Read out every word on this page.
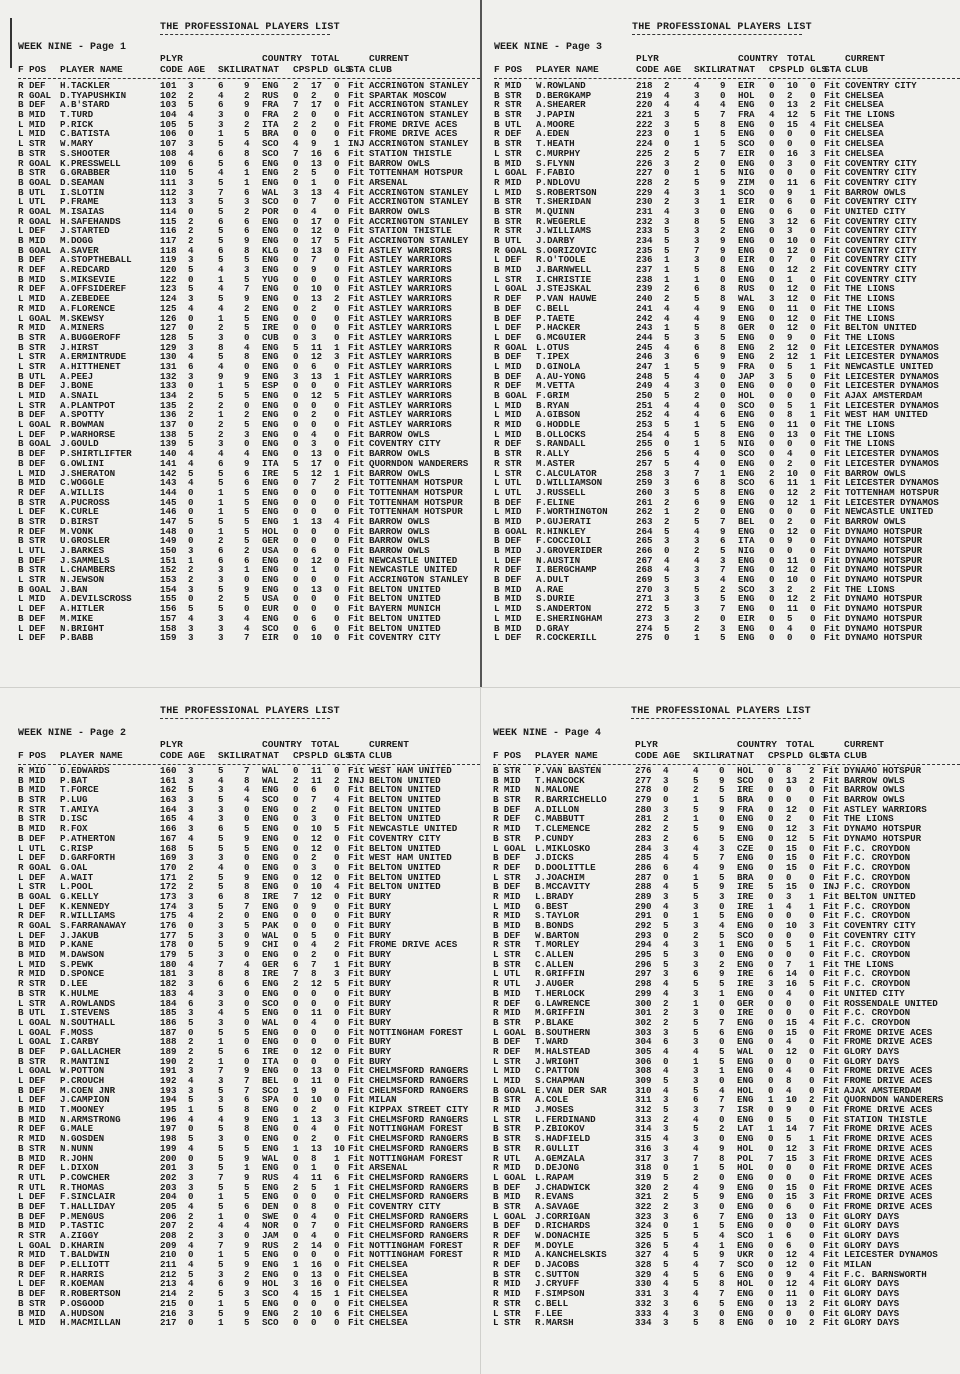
THE PROFESSIONAL PLAYERS LIST
WEEK NINE - Page 1
PLYR	COUNTRY TOTAL	CURRENT
F POS PLAYER NAME	CODE AGE SKILL
RAT NAT CPS PLD GLS
STA CLUB
R DEF H.TACKLER	101 3	6 9 ENG 2 17 0 Fit ACCRINGTON STANLEY
R GOAL D.TYAPUSHKIN	102 2	4 2 RUS 0 2 0 Fit SPARTAK MOSCOW
B DEF A.B'STARD	103 5	6 9 FRA 7 17 0 Fit ACCRINGTON STANLEY
B MID T.TURD	104 4	3 0 FRA 2 0 0 Fit ACCRINGTON STANLEY
L MID P.RICK	105 5	3 2 ITA 2 2 0 Fit FROME DRIVE ACES
L MID C.BATISTA	106 0	1 5 BRA 0 0 0 Fit FROME DRIVE ACES
L STR W.MARY	107 3	5 4 SCO 4 9 1 INJ ACCRINGTON STANLEY
B STR S.SHOOTER	108 4	6 8 SCO 7 16 6 Fit STATION THISTLE
R GOAL K.PRESSWELL	109 6	5 6 ENG 0 13 0 Fit BARROW OWLS
B STR G.GRABBER	110 5	4 1 ENG 2 5 0 Fit TOTTENHAM HOTSPUR
B GOAL D.SEAMAN	111 3	5 1 ENG 0 1 0 Fit ARSENAL
B UTL I.SLOTIN	112 3	7 6 WAL 3 13 4 Fit ACCRINGTON STANLEY
L UTL P.FRAME	113 3	5 3 SCO 0 7 0 Fit ACCRINGTON STANLEY
R GOAL M.ISAIAS	114 0	5 2 POR 0 4 0 Fit BARROW OWLS
R GOAL H.SAFEHANDS	115 2	6 6 ENG 0 17 0 Fit ACCRINGTON STANLEY
L DEF J.STARTED	116 2	5 6 ENG 0 12 0 Fit STATION THISTLE
B MID M.DOGG	117 2	5 9 ENG 0 17 5 Fit ACCRINGTON STANLEY
B GOAL A.SAVER	118 4	6 8 KLG 0 13 0 Fit ASTLEY WARRIORS
B DEF A.STOPTHEBALL	119 3	5 5 ENG 0 7 0 Fit ASTLEY WARRIORS
R DEF A.REDCARD	120 5	4 3 ENG 0 9 0 Fit ASTLEY WARRIORS
B MID S.MIKSEVIE	122 0	1 5 YUG 0 0 0 Fit ASTLEY WARRIORS
R DEF A.OFFSIDEREF	123 5	4 7 ENG 0 10 0 Fit ASTLEY WARRIORS
L MID A.ZEBEDEE	124 3	5 9 ENG 0 13 2 Fit ASTLEY WARRIORS
R MID A.FLORENCE	125 4	4 2 ENG 0 2 0 Fit ASTLEY WARRIORS
L GOAL M.SKEWSY	126 0	1 5 ENG 0 0 0 Fit ASTLEY WARRIORS
R MID A.MINERS	127 0	2 5 IRE 0 0 0 Fit ASTLEY WARRIORS
B STR A.BUGGEROFF	128 5	3 0 CUB 0 3 0 Fit ASTLEY WARRIORS
B STR J.HIRST	129 3	8 4 ENG 5 11 1 Fit ASTLEY WARRIORS
L STR A.ERMINTRUDE	130 4	5 8 ENG 0 12 3 Fit ASTLEY WARRIORS
L STR A.HITTHENET	131 6	4 0 ENG 0 6 0 Fit ASTLEY WARRIORS
B UTL A.PEEJ	132 3	9 9 ENG 3 13 1 Fit ASTLEY WARRIORS
B DEF J.BONE	133 0	1 5 ESP 0 0 0 Fit ASTLEY WARRIORS
L MID A.SNAIL	134 2	5 5 ENG 0 12 5 Fit ASTLEY WARRIORS
L STR A.PLANTPOT	135 2	2 0 ENG 0 0 0 Fit ASTLEY WARRIORS
B DEF A.SPOTTY	136 2	1 2 ENG 0 2 0 Fit ASTLEY WARRIORS
L GOAL R.BOWMAN	137 0	2 5 ENG 0 0 0 Fit ASTLEY WARRIORS
L DEF P.WARHORSE	138 5	2 3 ENG 0 4 0 Fit BARROW OWLS
B GOAL J.GOULD	139 5	3 0 ENG 0 3 0 Fit COVENTRY CITY
B DEF P.SHIRTLIFTER	140 4	4 4 ENG 0 13 0 Fit BARROW OWLS
B DEF G.OWLINI	141 4	6 9 ITA 5 17 0 Fit QUORNDON WANDERERS
L MID J.SHERATON	142 5	5 6 IRE 5 12 1 Fit BARROW OWLS
B MID C.WOGGLE	143 4	5 6 ENG 0 7 2 Fit TOTTENHAM HOTSPUR
R DEF A.WILLIS	144 0	1 5 ENG 0 0 0 Fit TOTTENHAM HOTSPUR
B STR A.PUCROSS	145 0	1 5 ENG 0 0 0 Fit TOTTENHAM HOTSPUR
L DEF K.CURLE	146 0	1 5 ENG 0 0 0 Fit TOTTENHAM HOTSPUR
B STR D.BIRST	147 5	5 5 ENG 1 13 4 Fit BARROW OWLS
R DEF M.VONK	148 0	1 5 HOL 0 0 0 Fit BARROW OWLS
B STR U.GROSLER	149 0	2 5 GER 0 0 0 Fit BARROW OWLS
L UTL J.BARKES	150 3	6 2 USA 0 6 0 Fit BARROW OWLS
B DEF J.SAMMELS	151 1	6 6 ENG 0 12 0 Fit NEWCASTLE UNITED
B STR L.CHAMBERS	152 2	3 1 ENG 0 1 0 Fit NEWCASTLE UNITED
L STR N.JEWSON	153 2	3 0 ENG 0 0 0 Fit ACCRINGTON STANLEY
B GOAL J.BAN	154 3	5 9 ENG 0 13 0 Fit BELTON UNITED
L MID A.DEVILSCROSS	155 0	2 5 USA 0 0 0 Fit BELTON UNITED
L DEF A.HITLER	156 5	5 0 EUR 0 0 0 Fit BAYERN MUNICH
B DEF M.MIKE	157 4	3 4 ENG 0 6 0 Fit BELTON UNITED
L DEF N.BRIGHT	158 3	3 4 SCO 0 6 0 Fit BELTON UNITED
L DEF P.BABB	159 3	3 7 EIR 0 10 0 Fit COVENTRY CITY
THE PROFESSIONAL PLAYERS LIST
WEEK NINE - Page 3
PLYR	COUNTRY TOTAL	CURRENT
F POS PLAYER NAME	CODE AGE SKILL
RAT NAT CPS PLD GLS
STA CLUB
R MID W.ROWLAND	218 2	4 9 EIR 0 10 0 Fit COVENTRY CITY
B STR D.BERGKAMP	219 4	3 0 HOL 0 2 0 Fit CHELSEA
R STR A.SHEARER	220 4	4 4 ENG 0 13 2 Fit CHELSEA
B STR J.PAPIN	221 3	5 7 FRA 4 12 5 Fit THE LIONS
B UTL A.MOORE	222 3	5 8 ENG 0 15 4 Fit CHELSEA
R DEF A.EDEN	223 0	1 5 ENG 0 0 0 Fit CHELSEA
B STR T.HEATH	224 0	1 5 SCO 0 0 0 Fit CHELSEA
L STR C.MURPHY	225 2	5 7 EIR 0 16 3 Fit CHELSEA
B MID S.FLYNN	226 3	2 0 ENG 0 3 0 Fit COVENTRY CITY
L GOAL F.FABIO	227 0	1 5 NIG 0 0 0 Fit COVENTRY CITY
R MID P.NDLOVU	228 2	5 9 ZIM 0 11 6 Fit COVENTRY CITY
L MID S.ROBERTSON	229 4	3 1 SCO 0 9 1 Fit BARROW OWLS
B STR T.SHERIDAN	230 2	3 1 EIR 0 6 0 Fit COVENTRY CITY
B STR M.QUINN	231 4	3 0 ENG 0 6 0 Fit UNITED CITY
B STR R.WEGERLE	232 3	8 5 ENG 3 12 6 Fit COVENTRY CITY
R STR J.WILLIAMS	233 5	3 2 ENG 0 3 0 Fit COVENTRY CITY
B UTL J.DARBY	234 5	3 9 ENG 0 10 0 Fit COVENTRY CITY
R GOAL S.OGRIZOVIC	235 5	7 9 ENG 0 12 0 Fit COVENTRY CITY
L DEF R.O'TOOLE	236 1	3 0 EIR 0 7 0 Fit COVENTRY CITY
B MID J.BARNWELL	237 1	5 8 ENG 0 12 2 Fit COVENTRY CITY
L STR I.CHRISTIE	238 1	1 0 ENG 0 1 0 Fit COVENTRY CITY
L GOAL J.STEJSKAL	239 2	6 8 RUS 0 12 0 Fit THE LIONS
R DEF P.VAN HAUWE	240 2	5 8 WAL 3 12 0 Fit THE LIONS
B DEF C.BELL	241 4	4 9 ENG 0 11 0 Fit THE LIONS
B DEF P.TAETE	242 4	4 9 ENG 0 12 0 Fit THE LIONS
L DEF P.HACKER	243 1	5 8 GER 0 12 0 Fit BELTON UNITED
L DEF G.MCGUIER	244 5	3 5 ENG 0 9 0 Fit THE LIONS
R GOAL L.OTUS	245 4	6 8 ENG 2 12 0 Fit LEICESTER DYNAMOS
B DEF T.IPEX	246 3	6 9 ENG 2 12 1 Fit LEICESTER DYNAMOS
L MID D.GINOLA	247 1	5 9 FRA 0 5 1 Fit NEWCASTLE UNITED
B DEF A.AU-YONG	248 5	4 0 JAP 3 5 0 Fit LEICESTER DYNAMOS
R DEF M.VETTA	249 4	3 0 ENG 0 0 0 Fit LEICESTER DYNAMOS
B GOAL F.GRIM	250 5	2 0 HOL 0 0 0 Fit AJAX AMSTERDAM
L MID B.RYAN	251 4	4 0 SCO 0 5 1 Fit LEICESTER DYNAMOS
L MID A.GIBSON	252 4	4 6 ENG 0 8 1 Fit WEST HAM UNITED
R MID G.HODDLE	253 5	1 5 ENG 0 11 0 Fit THE LIONS
L MID B.OLLOCKS	254 4	5 8 ENG 0 13 0 Fit THE LIONS
R DEF S.RANDALL	255 0	1 5 NIG 0 0 0 Fit THE LIONS
B STR R.ALLY	256 5	4 0 SCO 0 4 0 Fit LEICESTER DYNAMOS
R STR M.ASTER	257 5	4 0 ENG 0 2 0 Fit LEICESTER DYNAMOS
L STR C.ALCULATOR	258 3	7 1 ENG 2 10 0 Fit BARROW OWLS
L UTL D.WILLIAMSON	259 3	6 8 SCO 6 11 1 Fit LEICESTER DYNAMOS
L UTL J.RUSSELL	260 3	5 8 ENG 0 12 2 Fit TOTTENHAM HOTSPUR
B DEF F.ELINE	261 2	6 9 ENG 0 12 1 Fit LEICESTER DYNAMOS
L MID F.WORTHINGTON	262 1	2 0 ENG 0 0 0 Fit NEWCASTLE UNITED
B MID P.GUJERATI	263 2	5 7 BEL 0 2 0 Fit BARROW OWLS
B GOAL R.HINKLEY	264 5	4 9 ENG 0 12 0 Fit DYNAMO HOTSPUR
B DEF F.COCCIOLI	265 3	3 6 ITA 0 9 0 Fit DYNAMO HOTSPUR
B MID J.GROVERIDER	266 0	2 5 NIG 0 0 0 Fit DYNAMO HOTSPUR
L DEF N.AUSTIN	267 4	4 3 ENG 0 11 0 Fit DYNAMO HOTSPUR
R DEF I.BERGCHAMP	268 4	3 7 ENG 0 12 0 Fit DYNAMO HOTSPUR
B DEF A.DULT	269 5	3 4 ENG 0 10 0 Fit DYNAMO HOTSPUR
B MID A.RAE	270 3	5 2 SCO 3 2 2 Fit THE LIONS
B MID S.DURIE	271 3	3 5 ENG 0 12 2 Fit DYNAMO HOTSPUR
L MID S.ANDERTON	272 5	3 7 ENG 0 11 0 Fit DYNAMO HOTSPUR
L MID E.SHERINGHAM	273 3	2 0 EIR 0 5 0 Fit DYNAMO HOTSPUR
B MID D.GRAY	274 5	2 3 ENG 0 4 0 Fit DYNAMO HOTSPUR
L DEF R.COCKERILL	275 0	1 5 ENG 0 0 0 Fit DYNAMO HOTSPUR
THE PROFESSIONAL PLAYERS LIST
WEEK NINE - Page 2
PLYR	COUNTRY TOTAL	CURRENT
F POS PLAYER NAME	CODE AGE SKILL
RAT NAT CPS PLD GLS
STA CLUB
R MID D.EDWARDS	160 3	5 7 WAL 0 11 0 Fit WEST HAM UNITED
B MID P.BAT	161 3	4 8 WAL 2 11 2 INJ BELTON UNITED
B MID T.FORCE	162 5	3 4 ENG 0 6 0 Fit BELTON UNITED
B STR P.LUG	163 3	5 4 SCO 0 7 4 Fit BELTON UNITED
R STR T.AMIYA	164 3	3 0 ENG 0 2 0 Fit BELTON UNITED
B STR D.ISC	165 4	3 0 ENG 0 3 0 Fit BELTON UNITED
B MID R.FOX	166 3	6 5 ENG 0 10 5 Fit NEWCASTLE UNITED
B DEF P.ATHERTON	167 4	5 9 ENG 0 12 0 Fit COVENTRY CITY
L UTL C.RISP	168 5	5 5 ENG 0 12 0 Fit BELTON UNITED
L DEF D.GARFORTH	169 3	3 0 ENG 0 2 0 Fit WEST HAM UNITED
R GOAL G.OAL	170 2	4 0 ENG 0 3 0 Fit BELTON UNITED
L DEF A.WAIT	171 2	5 9 ENG 0 12 0 Fit BELTON UNITED
L STR L.POOL	172 2	5 8 ENG 0 10 4 Fit BELTON UNITED
B GOAL G.KELLY	173 3	6 8 IRE 7 12 0 Fit BURY
L DEF K.KENNEDY	174 3	5 7 ENG 0 9 0 Fit BURY
R DEF R.WILLIAMS	175 4	2 0 ENG 0 0 0 Fit BURY
R GOAL S.FARRANAWAY	176 0	3 5 PAK 0 0 0 Fit BURY
L DEF J.JAKUB	177 5	3 0 WAL 0 5 0 Fit BURY
B MID P.KANE	178 0	5 9 CHI 0 4 2 Fit FROME DRIVE ACES
B MID M.DAWSON	179 5	3 0 ENG 0 2 0 Fit BURY
L MID S.PEWK	180 4	7 4 GER 6 7 1 Fit BURY
R MID D.SPONCE	181 3	8 8 IRE 7 8 3 Fit BURY
R STR D.LEE	182 3	6 6 ENG 2 12 5 Fit BURY
B STR K.HULME	183 4	3 0 ENG 0 0 0 Fit BURY
L STR A.ROWLANDS	184 6	3 0 SCO 0 0 0 Fit BURY
B UTL I.STEVENS	185 3	4 5 ENG 0 11 0 Fit BURY
L GOAL N.SOUTHALL	186 5	3 0 WAL 0 4 0 Fit BURY
L GOAL F.MOSS	187 0	5 5 ENG 0 0 0 Fit NOTTINGHAM FOREST
L GOAL I.CARBY	188 2	1 0 ENG 0 0 0 Fit BURY
B DEF P.GALLACHER	189 2	5 6 IRE 0 12 0 Fit BURY
B STR R.MANTINI	190 2	1 0 ITA 0 0 0 Fit BURY
L GOAL W.POTTON	191 3	7 9 ENG 0 13 0 Fit CHELMSFORD RANGERS
L DEF P.CROUCH	192 4	3 7 BEL 0 11 0 Fit CHELMSFORD RANGERS
B DEF M.COEN JNR	193 3	5 7 SCO 1 9 0 Fit CHELMSFORD RANGERS
L DEF J.CAMPION	194 5	3 6 SPA 0 10 0 Fit MILAN
B MID T.MOONEY	195 1	5 8 ENG 0 2 0 Fit KIPPAX STREET CITY
B MID N.ARMSTRONG	196 4	4 9 ENG 1 13 3 Fit CHELMSFORD RANGERS
R DEF G.MALE	197 0	5 8 ENG 0 4 0 Fit NOTTINGHAM FOREST
R MID N.GOSDEN	198 5	3 0 ENG 0 2 0 Fit CHELMSFORD RANGERS
B STR N.NUNN	199 4	5 5 ENG 1 13 10 Fit CHELMSFORD RANGERS
B MID R.JOHN	200 0	5 9 WAL 0 8 1 Fit NOTTINGHAM FOREST
R DEF L.DIXON	201 3	5 1 ENG 0 1 0 Fit ARSENAL
R UTL P.COWCHER	202 3	7 9 RUS 4 11 6 Fit CHELMSFORD RANGERS
R UTL R.THOMAS	203 3	5 5 ENG 2 5 1 Fit CHELMSFORD RANGERS
L DEF F.SINCLAIR	204 0	1 5 ENG 0 0 0 Fit CHELMSFORD RANGERS
B DEF T.HALLIDAY	205 4	5 6 DEN 0 8 0 Fit COVENTRY CITY
B DEF P.MENGUS	206 2	1 0 SWE 0 4 0 Fit CHELMSFORD RANGERS
B MID P.TASTIC	207 2	4 4 NOR 0 7 0 Fit CHELMSFORD RANGERS
R STR A.ZIGGY	208 2	3 0 JAM 0 4 0 Fit CHELMSFORD RANGERS
L GOAL D.KHARIN	209 4	7 9 RUS 2 14 0 Fit NOTTINGHAM FOREST
R MID T.BALDWIN	210 0	1 5 ENG 0 0 0 Fit NOTTINGHAM FOREST
B DEF P.ELLIOTT	211 4	5 9 ENG 1 16 0 Fit CHELSEA
R DEF R.HARRIS	212 5	3 2 ENG 0 13 0 Fit CHELSEA
L DEF R.KOEMAN	213 4	6 9 HOL 3 16 0 Fit CHELSEA
B DEF R.ROBERTSON	214 2	5 3 SCO 4 15 1 Fit CHELSEA
B STR P.OSGOOD	215 0	1 5 ENG 0 0 0 Fit CHELSEA
B MID A.HUDSON	216 3	5 9 ENG 2 10 6 Fit CHELSEA
L MID H.MACMILLAN	217 0	1 5 SCO 0 0 0 Fit CHELSEA
THE PROFESSIONAL PLAYERS LIST
WEEK NINE - Page 4
PLYR	COUNTRY TOTAL	CURRENT
F POS PLAYER NAME	CODE AGE SKILL
RAT NAT CPS PLD GLS
STA CLUB
B STR P.VAN BASTEN	276 4	4 0 HOL 0 8 2 Fit DYNAMO HOTSPUR
B MID T.HANCOCK	277 3	5 9 SCO 0 13 2 Fit BARROW OWLS
R MID N.MALONE	278 0	2 5 IRE 0 0 0 Fit BARROW OWLS
B STR R.BARRICHELLO	279 0	1 5 BRA 0 0 0 Fit BARROW OWLS
B DEF A.DILLON	280 3	5 9 FRA 0 12 0 Fit ASTLEY WARRIORS
R DEF C.MABBUTT	281 2	1 0 ENG 0 2 0 Fit THE LIONS
R MID T.CLEMENCE	282 2	5 9 ENG 0 12 3 Fit DYNAMO HOTSPUR
B STR P.CUNDY	283 2	6 5 ENG 0 12 5 Fit DYNAMO HOTSPUR
L GOAL L.MIKLOSKO	284 3	4 3 CZE 0 15 0 Fit F.C. CROYDON
B DEF J.DICKS	285 4	5 7 ENG 0 15 0 Fit F.C. CROYDON
R DEF D.DOOLITTLE	286 6	4 9 ENG 0 15 0 Fit F.C. CROYDON
L STR J.JOACHIM	287 0	1 5 BRA 0 0 0 Fit F.C. CROYDON
B DEF B.MCCAVITY	288 4	5 9 IRE 5 15 0 INJ F.C. CROYDON
R MID L.BRADY	289 3	5 3 IRE 0 3 1 Fit BELTON UNITED
L MID G.BEST	290 4	3 0 IRE 1 4 1 Fit F.C. CROYDON
R MID S.TAYLOR	291 0	1 5 ENG 0 0 0 Fit F.C. CROYDON
B MID B.BONDS	292 5	3 4 ENG 0 10 3 Fit COVENTRY CITY
B DEF W.BARTON	293 0	2 5 SCO 0 0 0 Fit COVENTRY CITY
R STR T.MORLEY	294 4	3 1 ENG 0 5 1 Fit F.C. CROYDON
L STR C.ALLEN	295 5	3 0 ENG 0 0 0 Fit F.C. CROYDON
B STR C.ALLEN	296 5	3 2 ENG 0 7 1 Fit THE LIONS
L UTL R.GRIFFIN	297 3	6 9 IRE 6 14 0 Fit F.C. CROYDON
R UTL J.AUGER	298 4	5 5 IRE 3 16 5 Fit F.C. CROYDON
B MID T.HERLOCK	299 4	3 1 ENG 0 4 0 Fit UNITED CITY
R DEF G.LAWRENCE	300 2	1 0 GER 0 0 0 Fit ROSSENDALE UNITED
R MID M.GRIFFIN	301 2	3 0 IRE 0 0 0 Fit F.C. CROYDON
B STR P.BLAKE	302 2	5 7 ENG 0 15 4 Fit F.C. CROYDON
L GOAL B.SOUTHERN	303 3	5 6 ENG 0 15 0 Fit FROME DRIVE ACES
B DEF T.WARD	304 6	3 0 ENG 0 4 0 Fit FROME DRIVE ACES
R DEF M.HALSTEAD	305 4	4 5 WAL 0 12 0 Fit GLORY DAYS
L STR J.WRIGHT	306 0	1 5 ENG 0 0 0 Fit GLORY DAYS
L MID C.PATTON	308 4	3 1 ENG 0 4 0 Fit FROME DRIVE ACES
L MID S.CHAPMAN	309 5	3 0 ENG 0 8 0 Fit FROME DRIVE ACES
B GOAL E.VAN DER SAR	310 4	5 4 HOL 0 4 0 Fit AJAX AMSTERDAM
B STR A.COLE	311 3	6 7 ENG 1 10 2 Fit QUORNDON WANDERERS
R MID J.MOSES	312 5	3 7 ISR 0 9 0 Fit FROME DRIVE ACES
L STR L.FERDINAND	313 2	4 0 ENG 0 5 0 Fit STATION THISTLE
B STR P.ZBIOKOV	314 3	5 2 LAT 1 14 7 Fit FROME DRIVE ACES
B STR S.HADFIELD	315 4	3 0 ENG 0 5 1 Fit FROME DRIVE ACES
B STR R.GULLIT	316 3	4 9 HOL 0 12 3 Fit FROME DRIVE ACES
R UTL A.GEMZALA	317 3	7 8 POL 7 15 3 Fit FROME DRIVE ACES
R MID D.DEJONG	318 0	1 5 HOL 0 0 0 Fit FROME DRIVE ACES
L GOAL L.RAPAM	319 5	2 0 ENG 0 0 0 Fit FROME DRIVE ACES
B DEF J.CHADWICK	320 2	4 9 ENG 0 15 0 Fit FROME DRIVE ACES
B MID R.EVANS	321 2	5 9 ENG 0 15 3 Fit FROME DRIVE ACES
B STR A.SAVAGE	322 2	3 0 ENG 0 6 0 Fit FROME DRIVE ACES
L GOAL J.CORRIGAN	323 3	6 7 ENG 0 13 0 Fit GLORY DAYS
B DEF D.RICHARDS	324 0	1 5 ENG 0 0 0 Fit GLORY DAYS
R DEF W.DONACHIE	325 5	5 4 SCO 1 6 0 Fit GLORY DAYS
R DEF M.DOYLE	326 5	4 1 ENG 0 6 0 Fit GLORY DAYS
R MID A.KANCHELSKIS	327 4	5 9 UKR 0 12 4 Fit LEICESTER DYNAMOS
R DEF D.JACOBS	328 5	4 7 SCO 0 12 0 Fit MILAN
B STR C.SUTTON	329 4	5 6 ENG 0 9 4 Fit F.C. BARNSWORTH
R MID J.CRYUFF	330 4	5 8 HOL 0 12 4 Fit GLORY DAYS
R MID F.SIMPSON	331 3	4 7 ENG 0 11 0 Fit GLORY DAYS
R STR C.BELL	332 3	6 5 ENG 0 13 2 Fit GLORY DAYS
L STR F.LEE	333 4	3 0 ENG 0 0 0 Fit GLORY DAYS
L STR R.MARSH	334 3	5 8 ENG 0 10 2 Fit GLORY DAYS
